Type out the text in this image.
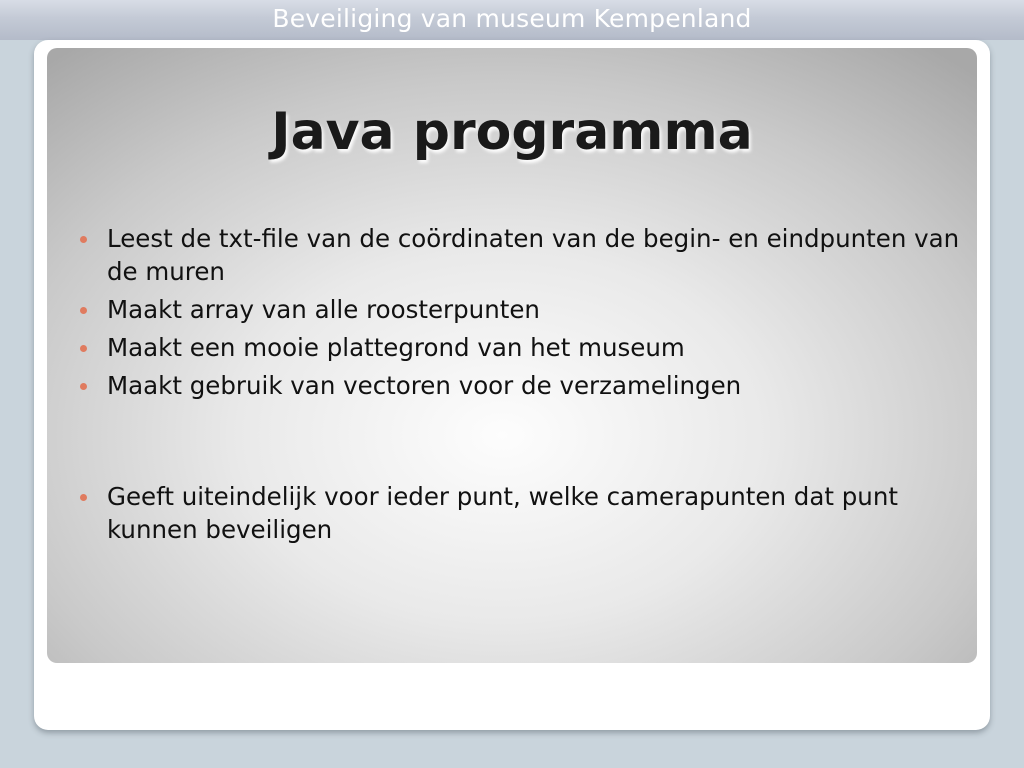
Beveiliging van museum Kempenland
Java programma
Leest de txt-file van de coördinaten van de begin- en eindpunten van de muren
Maakt array van alle roosterpunten
Maakt een mooie plattegrond van het museum
Maakt gebruik van vectoren voor de verzamelingen
Geeft uiteindelijk voor ieder punt, welke camerapunten dat punt kunnen beveiligen
